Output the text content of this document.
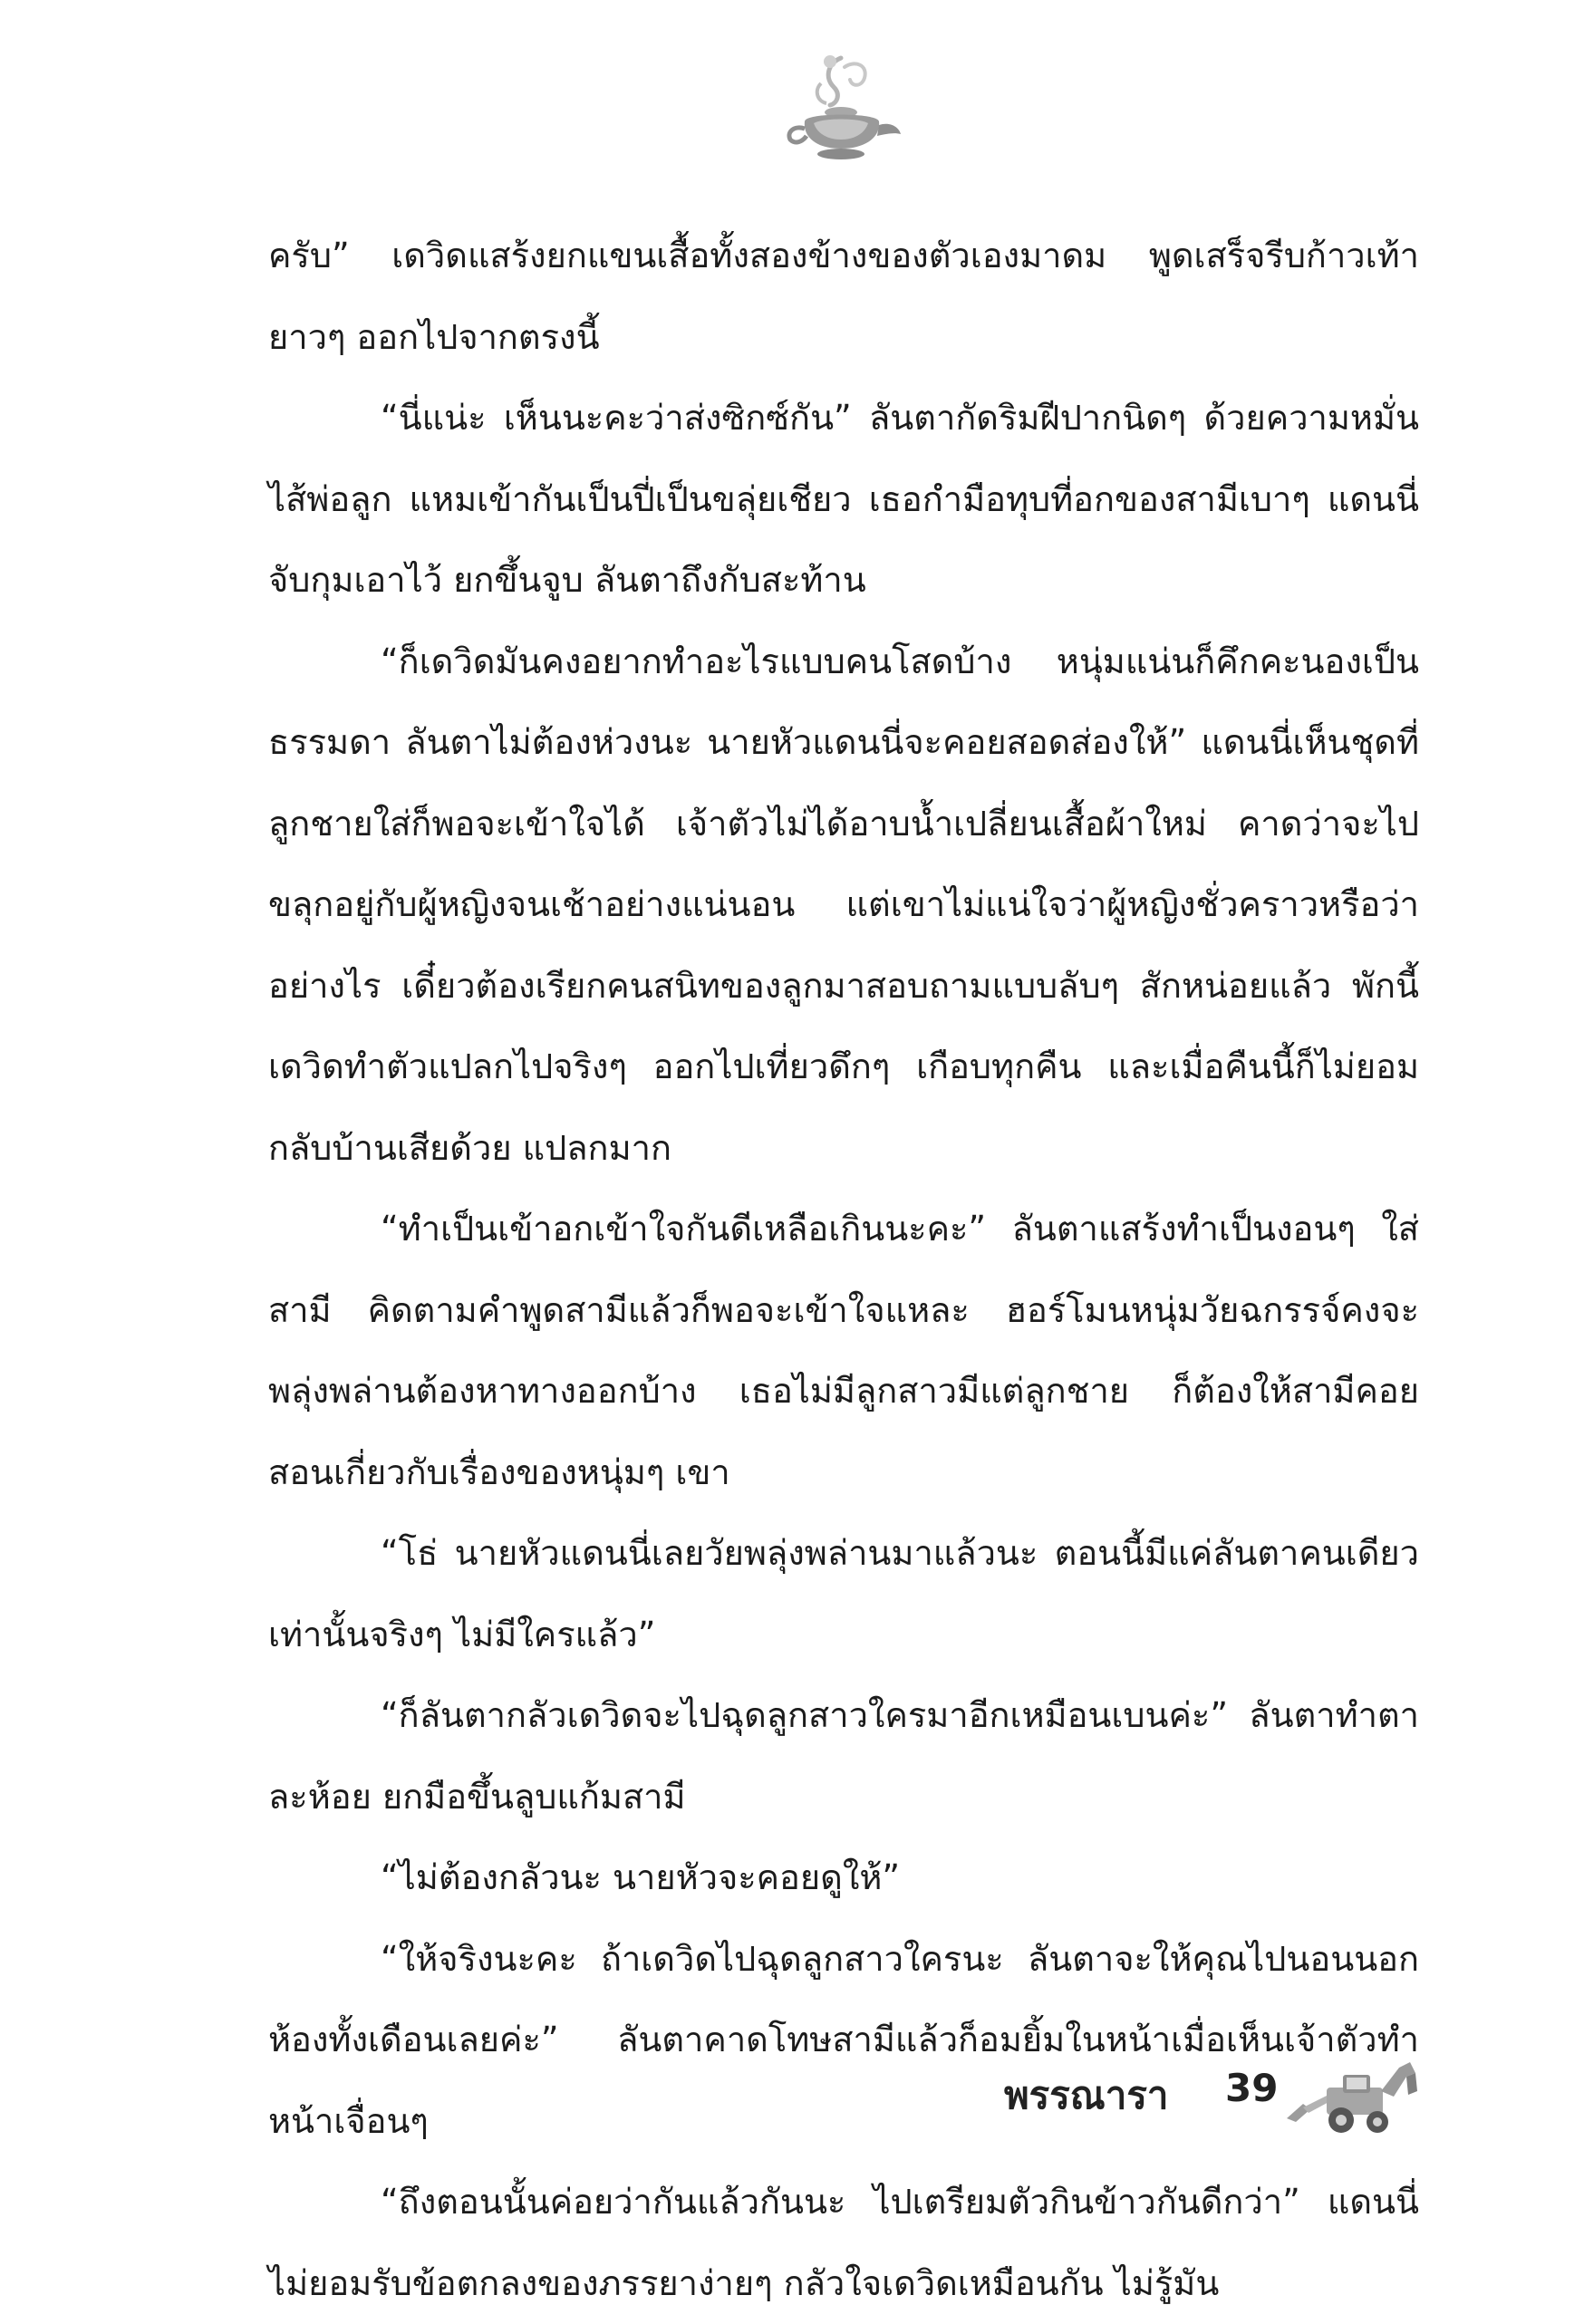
ครับ” เดวิดแสร้งยกแขนเสื้อทั้งสองข้างของตัวเองมาดม พูดเสร็จรีบก้าวเท้ายาวๆ ออกไปจากตรงนี้

“นี่แน่ะ เห็นนะคะว่าส่งซิกซ์กัน” ลันตากัดริมฝีปากนิดๆ ด้วยความหมั่นไส้พ่อลูก แหมเข้ากันเป็นปี่เป็นขลุ่ยเชียว เธอกำมือทุบที่อกของสามีเบาๆ แดนนี่จับกุมเอาไว้ ยกขึ้นจูบ ลันตาถึงกับสะท้าน

“ก็เดวิดมันคงอยากทำอะไรแบบคนโสดบ้าง หนุ่มแน่นก็คึกคะนองเป็นธรรมดา ลันตาไม่ต้องห่วงนะ นายหัวแดนนี่จะคอยสอดส่องให้” แดนนี่เห็นชุดที่ลูกชายใส่ก็พอจะเข้าใจได้ เจ้าตัวไม่ได้อาบน้ำเปลี่ยนเสื้อผ้าใหม่ คาดว่าจะไปขลุกอยู่กับผู้หญิงจนเช้าอย่างแน่นอน แต่เขาไม่แน่ใจว่าผู้หญิงชั่วคราวหรือว่าอย่างไร เดี๋ยวต้องเรียกคนสนิทของลูกมาสอบถามแบบลับๆ สักหน่อยแล้ว พักนี้เดวิดทำตัวแปลกไปจริงๆ ออกไปเที่ยวดึกๆ เกือบทุกคืน และเมื่อคืนนี้ก็ไม่ยอมกลับบ้านเสียด้วย แปลกมาก

“ทำเป็นเข้าอกเข้าใจกันดีเหลือเกินนะคะ” ลันตาแสร้งทำเป็นงอนๆ ใส่สามี คิดตามคำพูดสามีแล้วก็พอจะเข้าใจแหละ ฮอร์โมนหนุ่มวัยฉกรรจ์คงจะพลุ่งพล่านต้องหาทางออกบ้าง เธอไม่มีลูกสาวมีแต่ลูกชาย ก็ต้องให้สามีคอยสอนเกี่ยวกับเรื่องของหนุ่มๆ เขา

“โธ่ นายหัวแดนนี่เลยวัยพลุ่งพล่านมาแล้วนะ ตอนนี้มีแค่ลันตาคนเดียวเท่านั้นจริงๆ ไม่มีใครแล้ว”

“ก็ลันตากลัวเดวิดจะไปฉุดลูกสาวใครมาอีกเหมือนเบนค่ะ” ลันตาทำตาละห้อย ยกมือขึ้นลูบแก้มสามี

“ไม่ต้องกลัวนะ นายหัวจะคอยดูให้”

“ให้จริงนะคะ ถ้าเดวิดไปฉุดลูกสาวใครนะ ลันตาจะให้คุณไปนอนนอกห้องทั้งเดือนเลยค่ะ” ลันตาคาดโทษสามีแล้วก็อมยิ้มในหน้าเมื่อเห็นเจ้าตัวทำหน้าเจื่อนๆ

“ถึงตอนนั้นค่อยว่ากันแล้วกันนะ ไปเตรียมตัวกินข้าวกันดีกว่า” แดนนี่ไม่ยอมรับข้อตกลงของภรรยาง่ายๆ กลัวใจเดวิดเหมือนกัน ไม่รู้มัน

พรรณารา 39
